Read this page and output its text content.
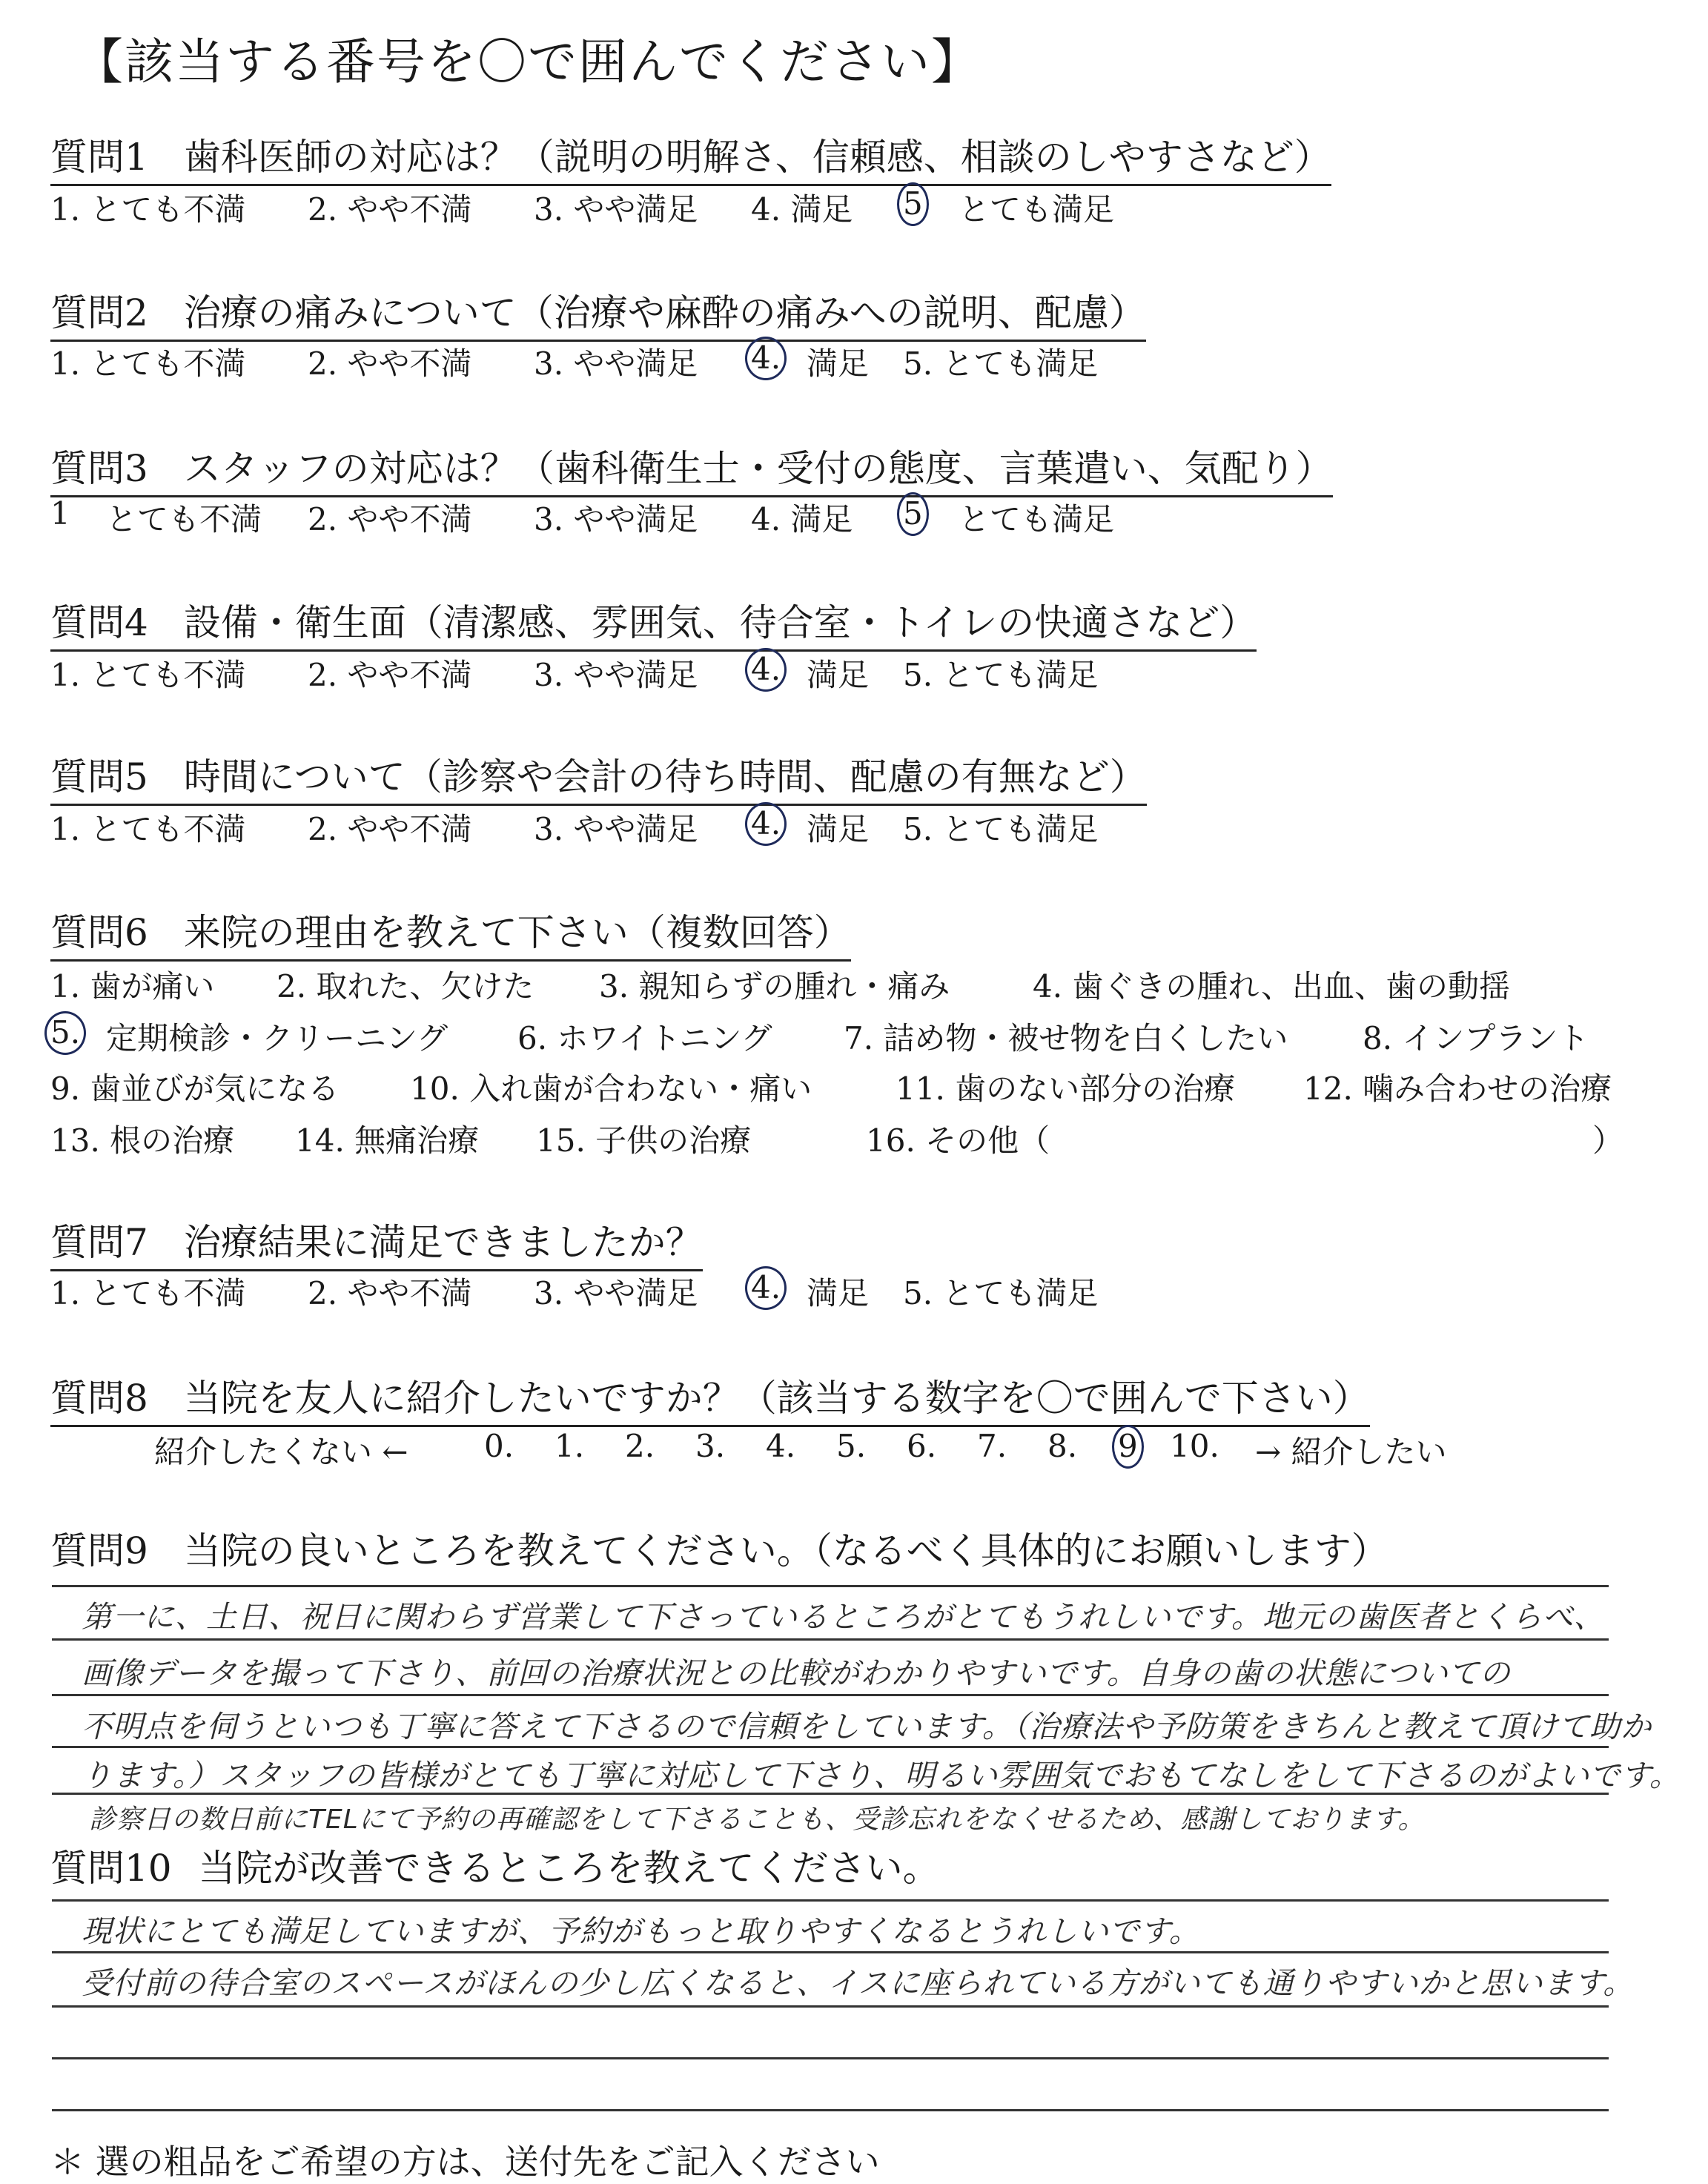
【該当する番号を〇で囲んでください】
質問1 歯科医師の対応は？（説明の明解さ、信頼感、相談のしやすさなど）
1. とても不満 2. やや不満 3. やや満足 4. 満足 5 とても満足
質問2 治療の痛みについて（治療や麻酔の痛みへの説明、配慮）
1. とても不満 2. やや不満 3. やや満足 4. 満足 5. とても満足
質問3 スタッフの対応は？（歯科衛生士・受付の態度、言葉遣い、気配り）
1 とても不満 2. やや不満 3. やや満足 4. 満足 5 とても満足
質問4 設備・衛生面（清潔感、雰囲気、待合室・トイレの快適さなど）
1. とても不満 2. やや不満 3. やや満足 4. 満足 5. とても満足
質問5 時間について（診察や会計の待ち時間、配慮の有無など）
1. とても不満 2. やや不満 3. やや満足 4. 満足 5. とても満足
質問6 来院の理由を教えて下さい（複数回答）
1. 歯が痛い 2. 取れた、欠けた 3. 親知らずの腫れ・痛み	4. 歯ぐきの腫れ、出血、歯の動揺
5. 定期検診・クリーニング 6. ホワイトニング 7. 詰め物・被せ物を白くしたい 8. インプラント
9. 歯並びが気になる 10. 入れ歯が合わない・痛い	11. 歯のない部分の治療 12. 噛み合わせの治療
13. 根の治療 14. 無痛治療 15. 子供の治療	16. その他（	）
質問7 治療結果に満足できましたか？
1. とても不満 2. やや不満 3. やや満足 4. 満足 5. とても満足
質問8 当院を友人に紹介したいですか？（該当する数字を〇で囲んで下さい）
紹介したくない ← 0. 1. 2. 3. 4. 5. 6. 7. 8. 9 10. → 紹介したい
質問9 当院の良いところを教えてください。（なるべく具体的にお願いします）
第一に、土日、祝日に関わらず営業して下さっているところがとてもうれしいです。地元の歯医者とくらべ、
画像データを撮って下さり、前回の治療状況との比較がわかりやすいです。自身の歯の状態についての
不明点を伺うといつも丁寧に答えて下さるので信頼をしています。（治療法や予防策をきちんと教えて頂けて助か
ります。）スタッフの皆様がとても丁寧に対応して下さり、明るい雰囲気でおもてなしをして下さるのがよいです。
診察日の数日前にTELにて予約の再確認をして下さることも、受診忘れをなくせるため、感謝しております。
質問10 当院が改善できるところを教えてください。
現状にとても満足していますが、予約がもっと取りやすくなるとうれしいです。
受付前の待合室のスペースがほんの少し広くなると、イスに座られている方がいても通りやすいかと思います。
＊ 選の粗品をご希望の方は、送付先をご記入ください
